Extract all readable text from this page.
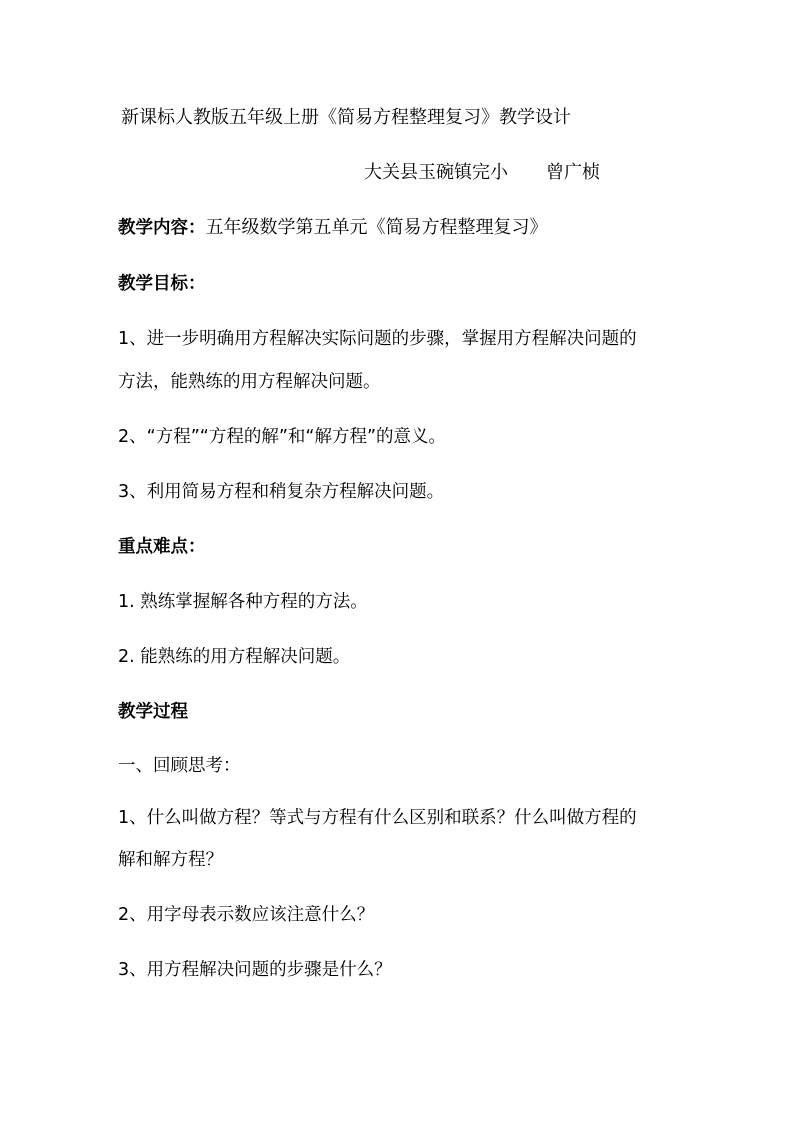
新课标人教版五年级上册《简易方程整理复习》教学设计
大关县玉碗镇完小 曾广桢
教学内容：五年级数学第五单元《简易方程整理复习》
教学目标：
1、进一步明确用方程解决实际问题的步骤，掌握用方程解决问题的
方法，能熟练的用方程解决问题。
2、“方程”“方程的解”和“解方程”的意义。
3、利用简易方程和稍复杂方程解决问题。
重点难点：
1. 熟练掌握解各种方程的方法。
2. 能熟练的用方程解决问题。
教学过程
一、回顾思考：
1、什么叫做方程？等式与方程有什么区别和联系？什么叫做方程的
解和解方程？
2、用字母表示数应该注意什么？
3、用方程解决问题的步骤是什么？
